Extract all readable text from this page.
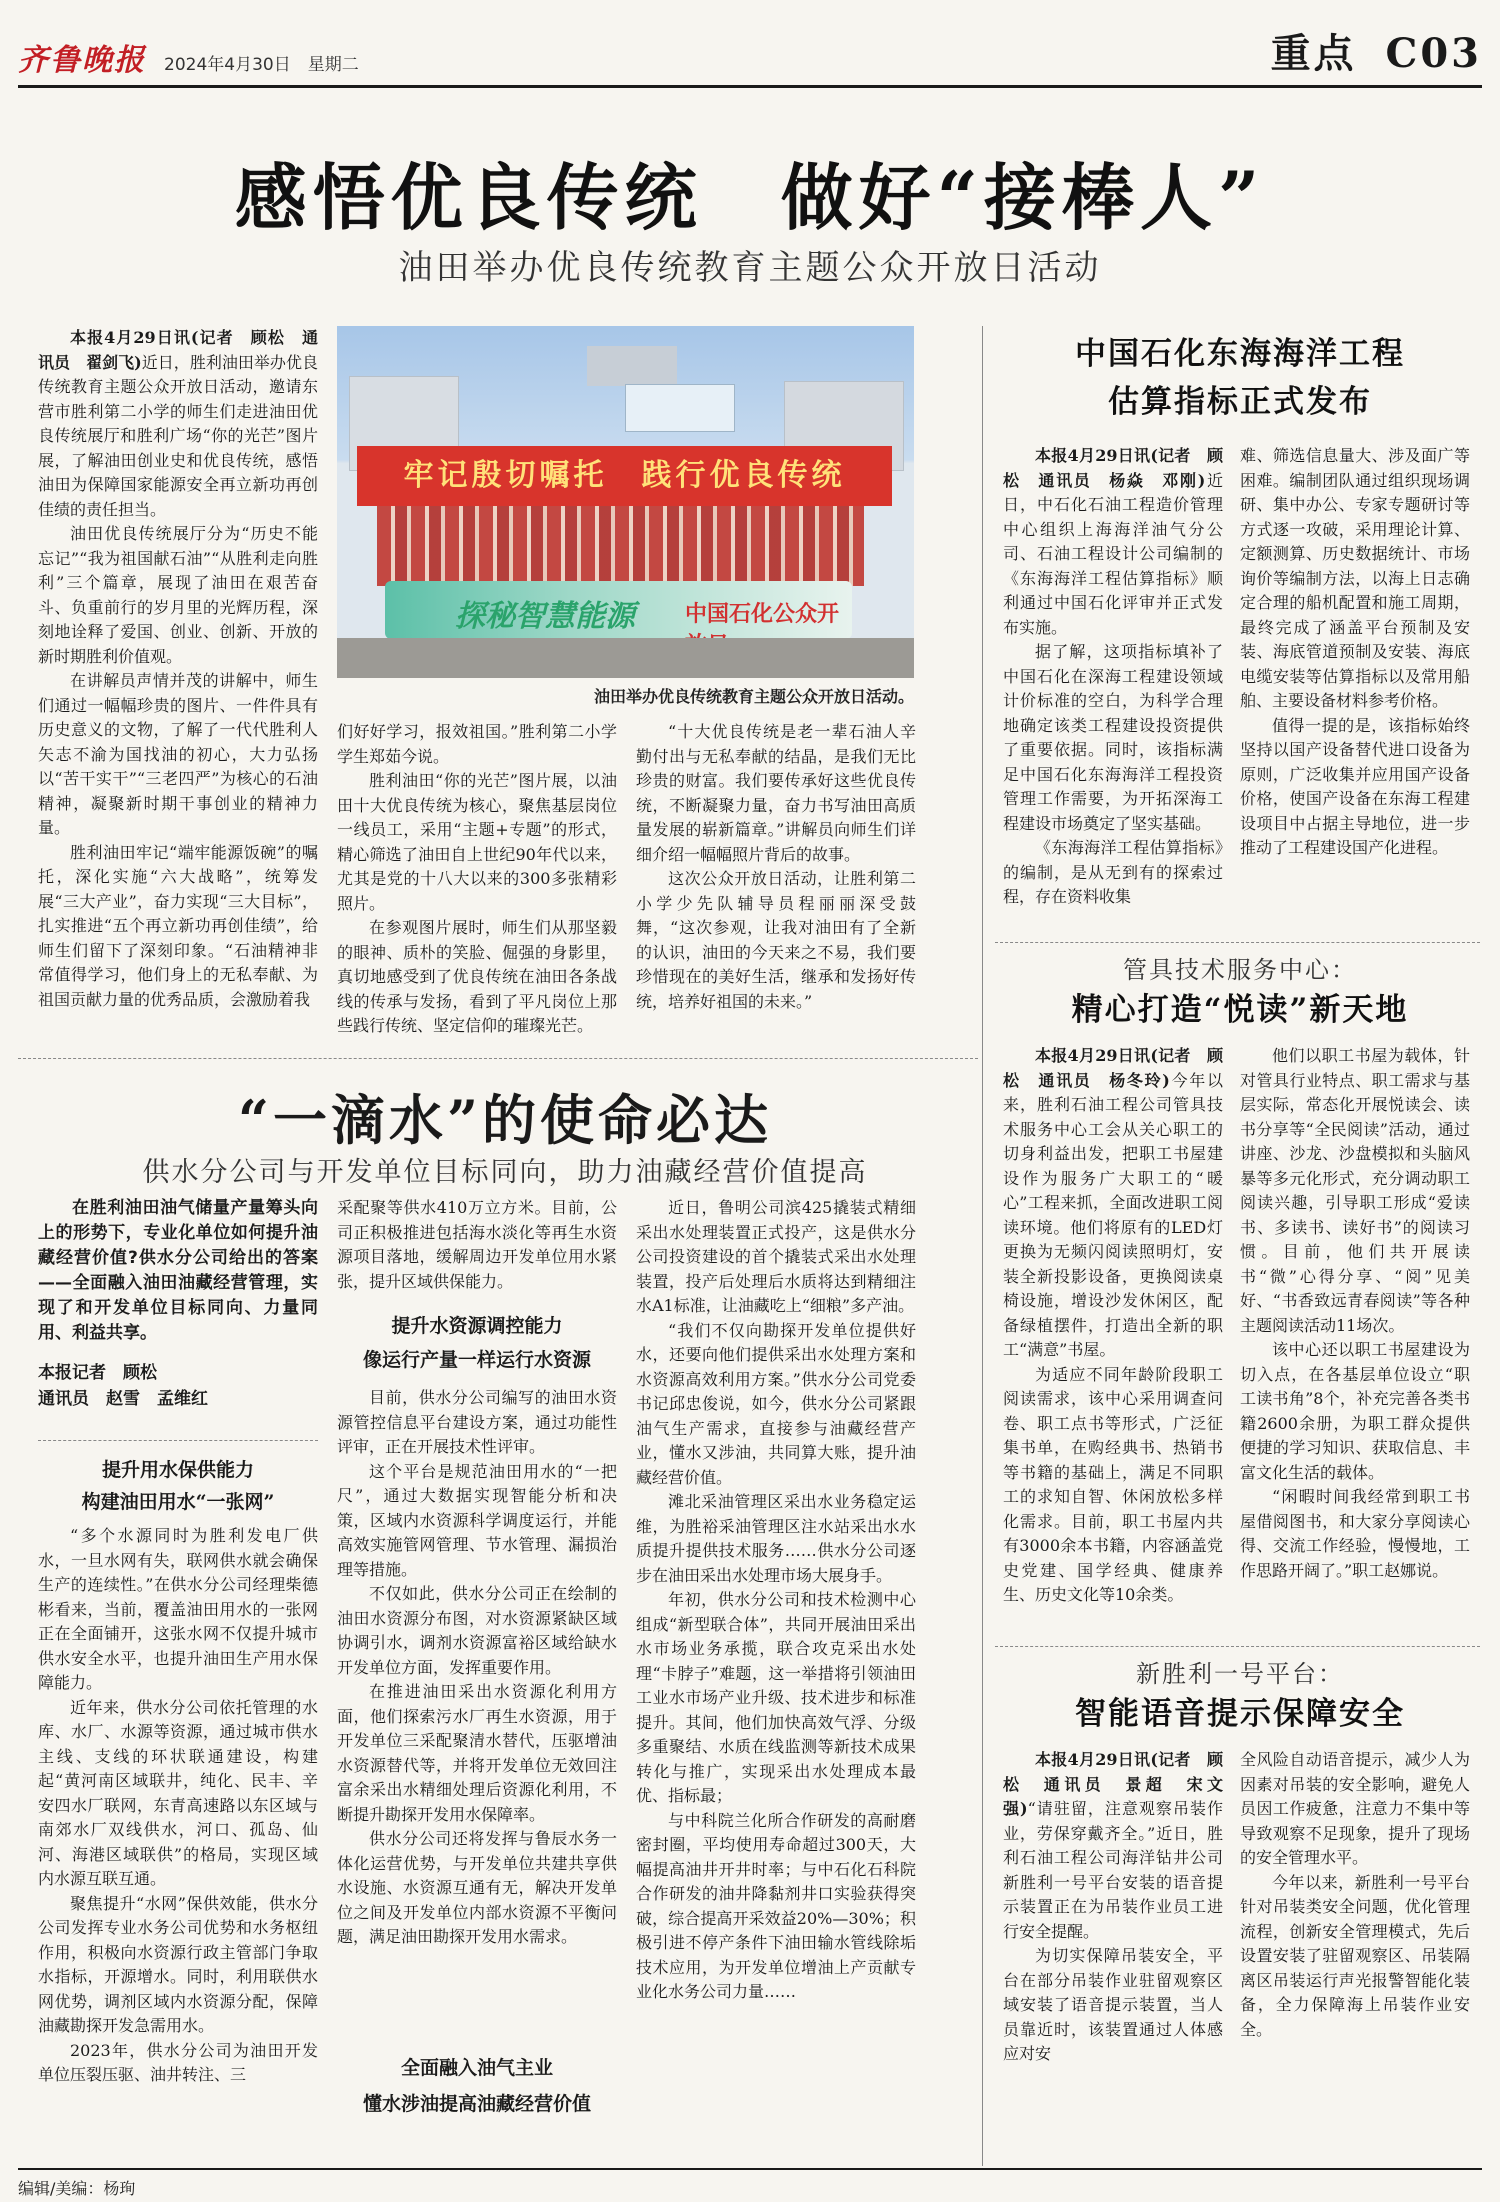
齐鲁晚报 2024年4月30日　星期二	重点 C03
感悟优良传统　做好“接棒人”
油田举办优良传统教育主题公众开放日活动

本报4月29日讯(记者　顾松　通讯员　翟剑飞)近日，胜利油田举办优良传统教育主题公众开放日活动，邀请东营市胜利第二小学的师生们走进油田优良传统展厅和胜利广场“你的光芒”图片展，了解油田创业史和优良传统，感悟油田为保障国家能源安全再立新功再创佳绩的责任担当。

油田优良传统展厅分为“历史不能忘记”“我为祖国献石油”“从胜利走向胜利”三个篇章，展现了油田在艰苦奋斗、负重前行的岁月里的光辉历程，深刻地诠释了爱国、创业、创新、开放的新时期胜利价值观。

在讲解员声情并茂的讲解中，师生们通过一幅幅珍贵的图片、一件件具有历史意义的文物，了解了一代代胜利人矢志不渝为国找油的初心，大力弘扬以“苦干实干”“三老四严”为核心的石油精神，凝聚新时期干事创业的精神力量。

胜利油田牢记“端牢能源饭碗”的嘱托，深化实施“六大战略”，统筹发展“三大产业”，奋力实现“三大目标”，扎实推进“五个再立新功再创佳绩”，给师生们留下了深刻印象。“石油精神非常值得学习，他们身上的无私奉献、为祖国贡献力量的优秀品质，会激励着我

牢记殷切嘱托　践行优良传统
探秘智慧能源 中国石化公众开
油田举办优良传统教育主题公众开放日活动。

们好好学习，报效祖国。”胜利第二小学学生郑茹今说。

胜利油田“你的光芒”图片展，以油田十大优良传统为核心，聚焦基层岗位一线员工，采用“主题+专题”的形式，精心筛选了油田自上世纪90年代以来，尤其是党的十八大以来的300多张精彩照片。

在参观图片展时，师生们从那坚毅的眼神、质朴的笑脸、倔强的身影里，真切地感受到了优良传统在油田各条战线的传承与发扬，看到了平凡岗位上那些践行传统、坚定信仰的璀璨光芒。

“十大优良传统是老一辈石油人辛勤付出与无私奉献的结晶，是我们无比珍贵的财富。我们要传承好这些优良传统，不断凝聚力量，奋力书写油田高质量发展的崭新篇章。”讲解员向师生们详细介绍一幅幅照片背后的故事。

这次公众开放日活动，让胜利第二小学少先队辅导员程丽丽深受鼓舞，“这次参观，让我对油田有了全新的认识，油田的今天来之不易，我们要珍惜现在的美好生活，继承和发扬好传统，培养好祖国的未来。”

中国石化东海海洋工程
估算指标正式发布

本报4月29日讯(记者　顾松　通讯员　杨焱　邓刚)近日，中石化石油工程造价管理中心组织上海海洋油气分公司、石油工程设计公司编制的《东海海洋工程估算指标》顺利通过中国石化评审并正式发布实施。

据了解，这项指标填补了中国石化在深海工程建设领域计价标准的空白，为科学合理地确定该类工程建设投资提供了重要依据。同时，该指标满足中国石化东海海洋工程投资管理工作需要，为开拓深海工程建设市场奠定了坚实基础。

《东海海洋工程估算指标》的编制，是从无到有的探索过程，存在资料收集

难、筛选信息量大、涉及面广等困难。编制团队通过组织现场调研、集中办公、专家专题研讨等方式逐一攻破，采用理论计算、定额测算、历史数据统计、市场询价等编制方法，以海上日志确定合理的船机配置和施工周期，最终完成了涵盖平台预制及安装、海底管道预制及安装、海底电缆安装等估算指标以及常用船舶、主要设备材料参考价格。

值得一提的是，该指标始终坚持以国产设备替代进口设备为原则，广泛收集并应用国产设备价格，使国产设备在东海工程建设项目中占据主导地位，进一步推动了工程建设国产化进程。

管具技术服务中心：
精心打造“悦读”新天地

本报4月29日讯(记者　顾松　通讯员　杨冬玲)今年以来，胜利石油工程公司管具技术服务中心工会从关心职工的切身利益出发，把职工书屋建设作为服务广大职工的“暖心”工程来抓，全面改进职工阅读环境。他们将原有的LED灯更换为无频闪阅读照明灯，安装全新投影设备，更换阅读桌椅设施，增设沙发休闲区，配备绿植摆件，打造出全新的职工“满意”书屋。

为适应不同年龄阶段职工阅读需求，该中心采用调查问卷、职工点书等形式，广泛征集书单，在购经典书、热销书等书籍的基础上，满足不同职工的求知自智、休闲放松多样化需求。目前，职工书屋内共有3000余本书籍，内容涵盖党史党建、国学经典、健康养生、历史文化等10余类。

他们以职工书屋为载体，针对管具行业特点、职工需求与基层实际，常态化开展悦读会、读书分享等“全民阅读”活动，通过讲座、沙龙、沙盘模拟和头脑风暴等多元化形式，充分调动职工阅读兴趣，引导职工形成“爱读书、多读书、读好书”的阅读习惯。目前，他们共开展读书“微”心得分享、“阅”见美好、“书香致远青春阅读”等各种主题阅读活动11场次。

该中心还以职工书屋建设为切入点，在各基层单位设立“职工读书角”8个，补充完善各类书籍2600余册，为职工群众提供便捷的学习知识、获取信息、丰富文化生活的载体。

“闲暇时间我经常到职工书屋借阅图书，和大家分享阅读心得、交流工作经验，慢慢地，工作思路开阔了。”职工赵娜说。

新胜利一号平台：
智能语音提示保障安全

本报4月29日讯(记者　顾松　通讯员　景超　宋文强)“请驻留，注意观察吊装作业，劳保穿戴齐全。”近日，胜利石油工程公司海洋钻井公司新胜利一号平台安装的语音提示装置正在为吊装作业员工进行安全提醒。

为切实保障吊装安全，平台在部分吊装作业驻留观察区域安装了语音提示装置，当人员靠近时，该装置通过人体感应对安

全风险自动语音提示，减少人为因素对吊装的安全影响，避免人员因工作疲惫，注意力不集中等导致观察不足现象，提升了现场的安全管理水平。

今年以来，新胜利一号平台针对吊装类安全问题，优化管理流程，创新安全管理模式，先后设置安装了驻留观察区、吊装隔离区吊装运行声光报警智能化装备，全力保障海上吊装作业安全。

“一滴水”的使命必达
供水分公司与开发单位目标同向，助力油藏经营价值提高
在胜利油田油气储量产量筹头向上的形势下，专业化单位如何提升油藏经营价值?供水分公司给出的答案——全面融入油田油藏经营管理，实现了和开发单位目标同向、力量同用、利益共享。
本报记者　顾松
通讯员　赵雪　孟维红
提升用水保供能力
构建油田用水“一张网”

“多个水源同时为胜利发电厂供水，一旦水网有失，联网供水就会确保生产的连续性。”在供水分公司经理柴德彬看来，当前，覆盖油田用水的一张网正在全面铺开，这张水网不仅提升城市供水安全水平，也提升油田生产用水保障能力。

近年来，供水分公司依托管理的水库、水厂、水源等资源，通过城市供水主线、支线的环状联通建设，构建起“黄河南区域联井，纯化、民丰、辛安四水厂联网，东青高速路以东区域与南郊水厂双线供水，河口、孤岛、仙河、海港区域联供”的格局，实现区域内水源互联互通。

聚焦提升“水网”保供效能，供水分公司发挥专业水务公司优势和水务枢纽作用，积极向水资源行政主管部门争取水指标，开源增水。同时，利用联供水网优势，调剂区域内水资源分配，保障油藏勘探开发急需用水。

2023年，供水分公司为油田开发单位压裂压驱、油井转注、三

采配聚等供水410万立方米。目前，公司正积极推进包括海水淡化等再生水资源项目落地，缓解周边开发单位用水紧张，提升区域供保能力。

提升水资源调控能力
像运行产量一样运行水资源

目前，供水分公司编写的油田水资源管控信息平台建设方案，通过功能性评审，正在开展技术性评审。

这个平台是规范油田用水的“一把尺”，通过大数据实现智能分析和决策，区域内水资源科学调度运行，并能高效实施管网管理、节水管理、漏损治理等措施。

不仅如此，供水分公司正在绘制的油田水资源分布图，对水资源紧缺区域协调引水，调剂水资源富裕区域给缺水开发单位方面，发挥重要作用。

在推进油田采出水资源化利用方面，他们探索污水厂再生水资源，用于开发单位三采配聚清水替代，压驱增油水资源替代等，并将开发单位无效回注富余采出水精细处理后资源化利用，不断提升勘探开发用水保障率。

供水分公司还将发挥与鲁辰水务一体化运营优势，与开发单位共建共享供水设施、水资源互通有无，解决开发单位之间及开发单位内部水资源不平衡问题，满足油田勘探开发用水需求。

全面融入油气主业
懂水涉油提高油藏经营价值

近日，鲁明公司滨425撬装式精细采出水处理装置正式投产，这是供水分公司投资建设的首个撬装式采出水处理装置，投产后处理后水质将达到精细注水A1标准，让油藏吃上“细粮”多产油。

“我们不仅向勘探开发单位提供好水，还要向他们提供采出水处理方案和水资源高效利用方案。”供水分公司党委书记邱忠俊说，如今，供水分公司紧跟油气生产需求，直接参与油藏经营产业，懂水又涉油，共同算大账，提升油藏经营价值。

滩北采油管理区采出水业务稳定运维，为胜裕采油管理区注水站采出水水质提升提供技术服务……供水分公司逐步在油田采出水处理市场大展身手。

年初，供水分公司和技术检测中心组成“新型联合体”，共同开展油田采出水市场业务承揽，联合攻克采出水处理“卡脖子”难题，这一举措将引领油田工业水市场产业升级、技术进步和标准提升。其间，他们加快高效气浮、分级多重聚结、水质在线监测等新技术成果转化与推广，实现采出水处理成本最优、指标最；

与中科院兰化所合作研发的高耐磨密封圈，平均使用寿命超过300天，大幅提高油井开井时率；与中石化石科院合作研发的油井降黏剂井口实验获得突破，综合提高开采效益20%—30%；积极引进不停产条件下油田输水管线除垢技术应用，为开发单位增油上产贡献专业化水务公司力量……

编辑/美编：杨珣
